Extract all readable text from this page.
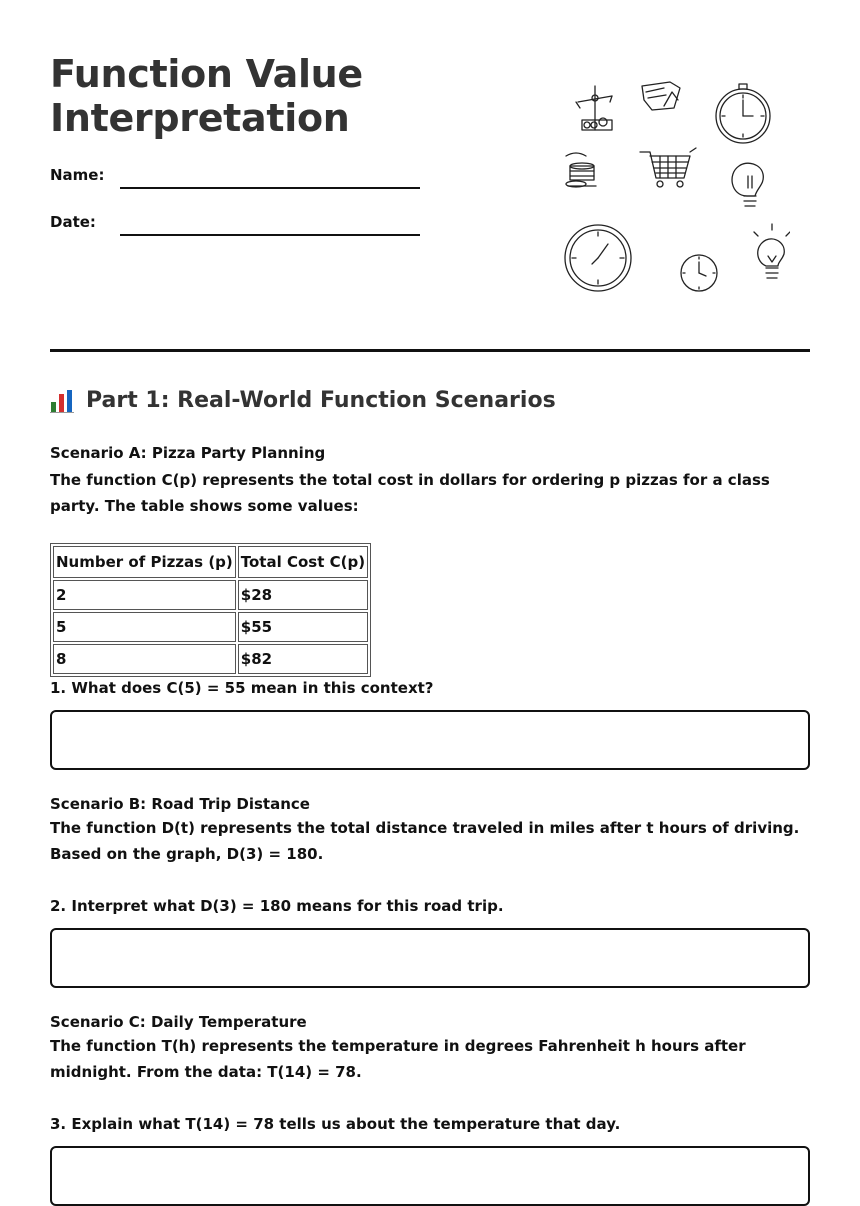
Function Value
Interpretation
Name:
Date:
Part 1: Real-World Function Scenarios

Scenario A: Pizza Party Planning

The function C(p) represents the total cost in dollars for ordering p pizzas for a class party. The table shows some values:

Number of Pizzas (p)	Total Cost C(p)
2	$28
5	$55
8	$82

1. What does C(5) = 55 mean in this context?

Scenario B: Road Trip Distance

The function D(t) represents the total distance traveled in miles after t hours of driving. Based on the graph, D(3) = 180.

2. Interpret what D(3) = 180 means for this road trip.

Scenario C: Daily Temperature

The function T(h) represents the temperature in degrees Fahrenheit h hours after midnight. From the data: T(14) = 78.

3. Explain what T(14) = 78 tells us about the temperature that day.
